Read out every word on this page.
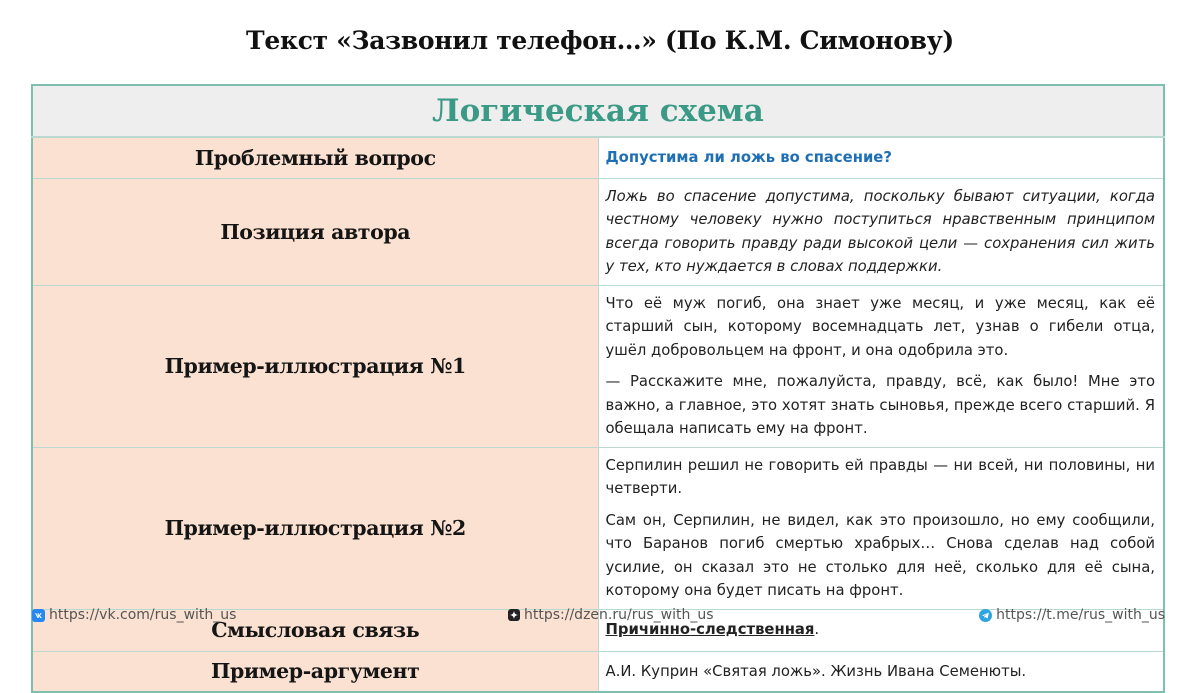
Текст «Зазвонил телефон…» (По К.М. Симонову)
Логическая схема	
Проблемный вопрос	Допустима ли ложь во спасение?
Позиция автора	Ложь во спасение допустима, поскольку бывают ситуации, когда честному человеку нужно поступиться нравственным принципом всегда говорить правду ради высокой цели — сохранения сил жить у тех, кто нуждается в словах поддержки.
Пример-иллюстрация №1	Что её муж погиб, она знает уже месяц, и уже месяц, как её старший сын, которому восемнадцать лет, узнав о гибели отца, ушёл добровольцем на фронт, и она одобрила это.

— Расскажите мне, пожалуйста, правду, всё, как было! Мне это важно, а главное, это хотят знать сыновья, прежде всего старший. Я обещала написать ему на фронт.

Пример-иллюстрация №2	Серпилин решил не говорить ей правды — ни всей, ни половины, ни четверти.

Сам он, Серпилин, не видел, как это произошло, но ему сообщили, что Баранов погиб смертью храбрых… Снова сделав над собой усилие, он сказал это не столько для неё, сколько для её сына, которому она будет писать на фронт.

Смысловая связь	Причинно-следственная.
Пример-аргумент	А.И. Куприн «Святая ложь». Жизнь Ивана Семенюты.
https://vk.com/rus_with_us	https://dzen.ru/rus_with_us	https://t.me/rus_with_us
